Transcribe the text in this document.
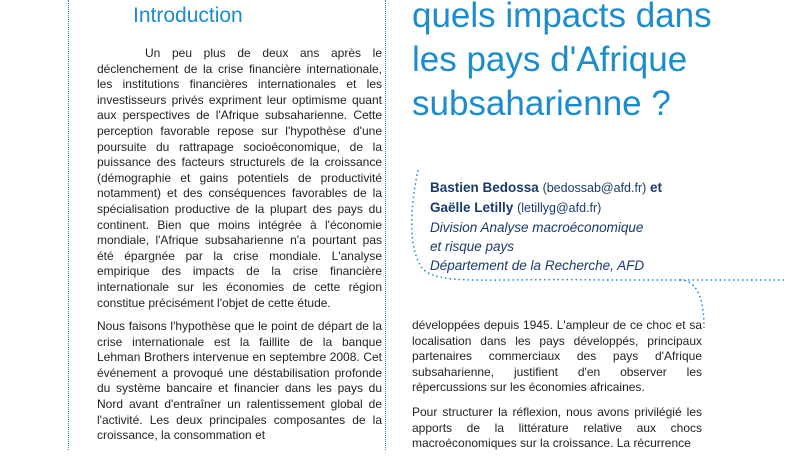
Introduction

Un peu plus de deux ans après le déclenchement de la crise financière internationale, les institutions financières internationales et les investisseurs privés expriment leur optimisme quant aux perspectives de l'Afrique subsaharienne. Cette perception favorable repose sur l'hypothèse d'une poursuite du rattrapage socioéconomique, de la puissance des facteurs structurels de la croissance (démographie et gains potentiels de productivité notamment) et des conséquences favorables de la spécialisation productive de la plupart des pays du continent. Bien que moins intégrée à l'économie mondiale, l'Afrique subsaharienne n'a pourtant pas été épargnée par la crise mondiale. L'analyse empirique des impacts de la crise financière internationale sur les économies de cette région constitue précisément l'objet de cette étude.

Nous faisons l'hypothèse que le point de départ de la crise internationale est la faillite de la banque Lehman Brothers intervenue en septembre 2008. Cet événement a provoqué une déstabilisation profonde du système bancaire et financier dans les pays du Nord avant d'entraîner un ralentissement global de l'activité. Les deux principales composantes de la croissance, la consommation et

quels impacts dans
les pays d'Afrique
subsaharienne ?
Bastien Bedossa (bedossab@afd.fr) et
Gaëlle Letilly (letillyg@afd.fr)
Division Analyse macroéconomique
et risque pays
Département de la Recherche, AFD

développées depuis 1945. L'ampleur de ce choc et sa localisation dans les pays développés, principaux partenaires commerciaux des pays d'Afrique subsaharienne, justifient d'en observer les répercussions sur les économies africaines.

Pour structurer la réflexion, nous avons privilégié les apports de la littérature relative aux chocs macroéconomiques sur la croissance. La récurrence
